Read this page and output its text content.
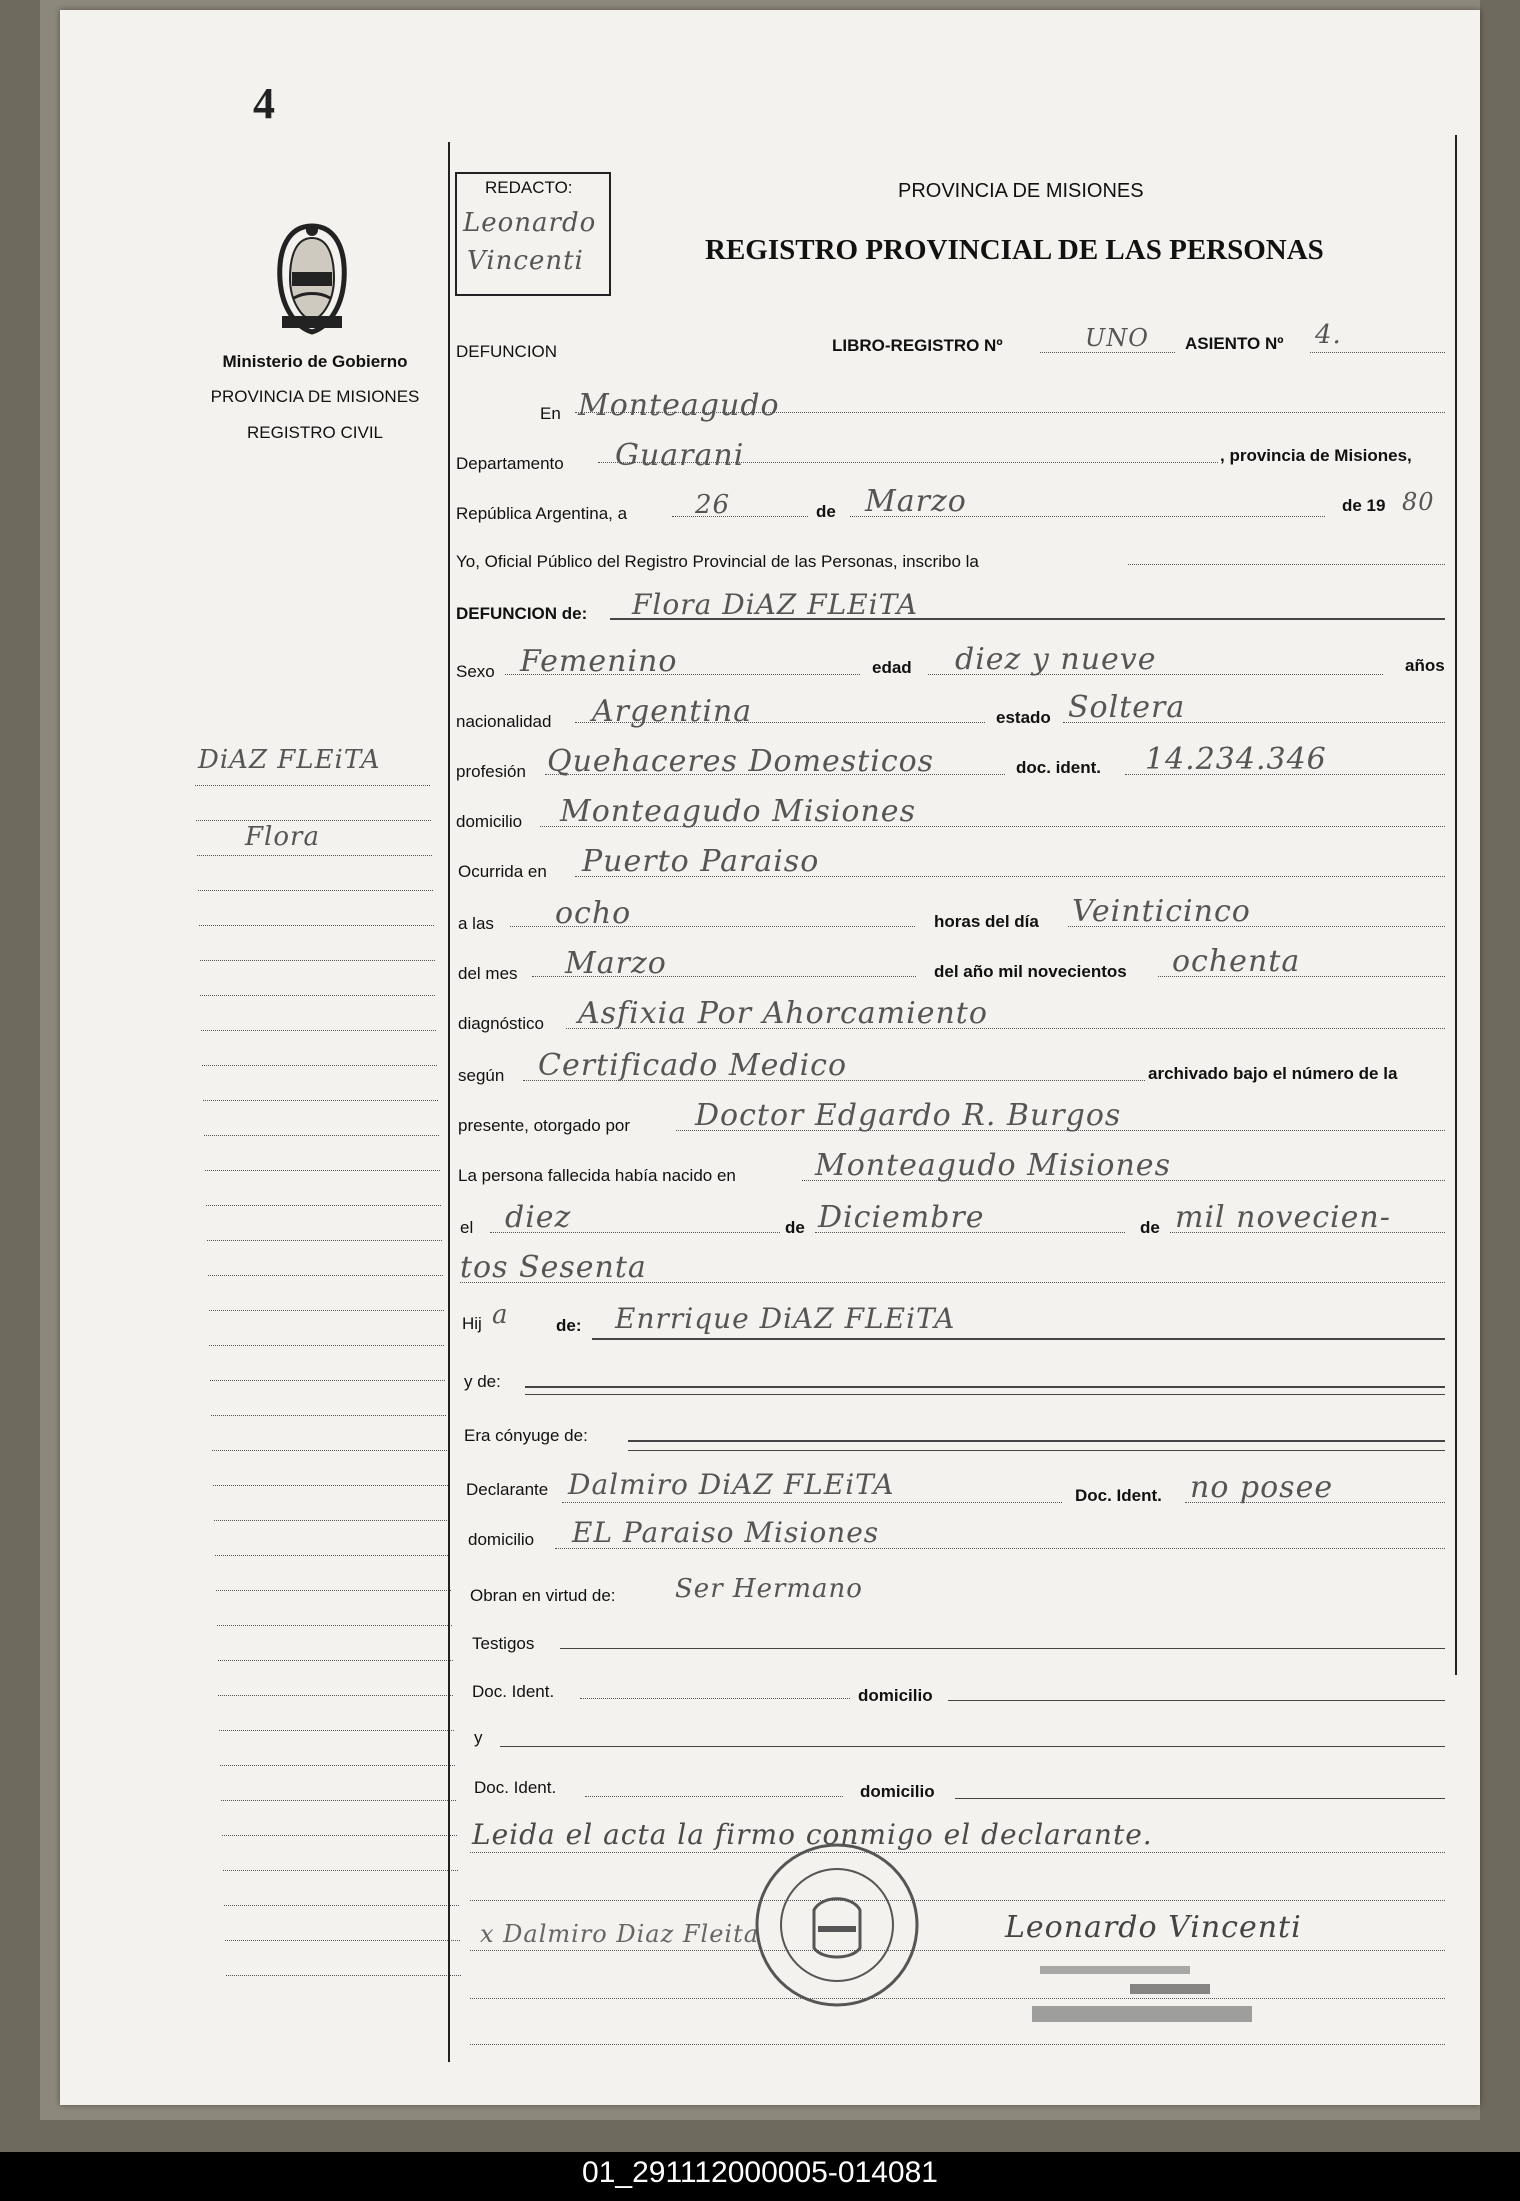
4
Ministerio de Gobierno
PROVINCIA DE MISIONES
REGISTRO CIVIL
DiAZ FLEiTA
Flora
REDACTO:
Leonardo
Vincenti
PROVINCIA DE MISIONES
REGISTRO PROVINCIAL DE LAS PERSONAS
DEFUNCION	LIBRO-REGISTRO Nº	UNO ASIENTO Nº 4.
En Monteagudo
Departamento Guarani	, provincia de Misiones,
República Argentina, a	26	de Marzo	de 19 80
Yo, Oficial Público del Registro Provincial de las Personas, inscribo la
DEFUNCION de: Flora DiAZ FLEiTA
Sexo Femenino	edad diez y nueve	años
nacionalidad Argentina	estado Soltera
profesión Quehaceres Domesticos	doc. ident. 14.234.346
domicilio Monteagudo Misiones
Ocurrida en Puerto Paraiso
a las ocho	horas del día Veinticinco
del mes Marzo	del año mil novecientos ochenta
diagnóstico Asfixia Por Ahorcamiento
según Certificado Medico	archivado bajo el número de la
presente, otorgado por Doctor Edgardo R. Burgos
La persona fallecida había nacido en	Monteagudo Misiones
el diez	de Diciembre	de mil novecien-
tos Sesenta
Hij a	de: Enrrique DiAZ FLEiTA
y de:
Era cónyuge de:
Declarante Dalmiro DiAZ FLEiTA	Doc. Ident. no posee
domicilio EL Paraiso Misiones
Obran en virtud de: Ser Hermano
Testigos
Doc. Ident.	domicilio
y
Doc. Ident.	domicilio
Leida el acta la firmo conmigo el declarante.
x Dalmiro Diaz Fleita	Leonardo Vincenti
01_291112000005-014081
